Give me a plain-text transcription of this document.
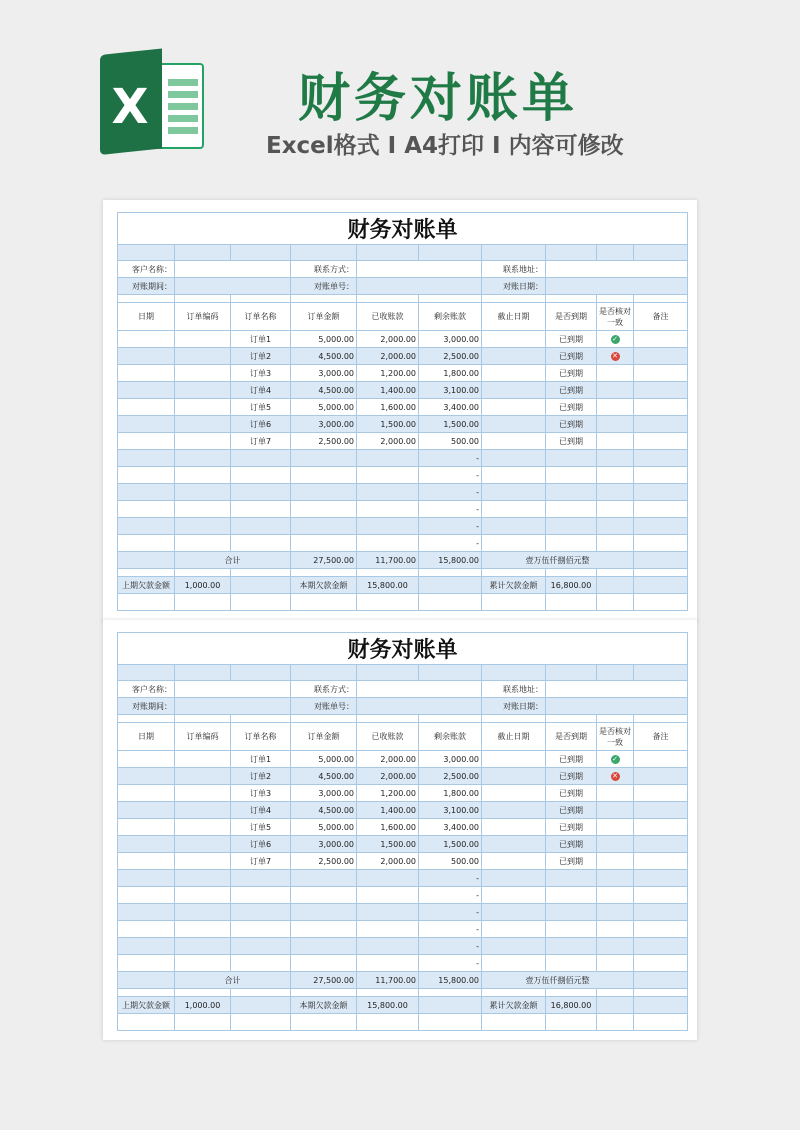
X	财务对账单
Excel格式 I A4打印 I 内容可修改
财务对账单									

客户名称：			联系方式：			联系地址：			
对账期间：			对账单号：			对账日期：			

日期	订单编码	订单名称	订单金额	已收账款	剩余账款	截止日期	是否到期	是否核对一致	备注
		订单1	5,000.00	2,000.00	3,000.00		已到期	✓	
		订单2	4,500.00	2,000.00	2,500.00		已到期	✕	
		订单3	3,000.00	1,200.00	1,800.00		已到期		
		订单4	4,500.00	1,400.00	3,100.00		已到期		
		订单5	5,000.00	1,600.00	3,400.00		已到期		
		订单6	3,000.00	1,500.00	1,500.00		已到期		
		订单7	2,500.00	2,000.00	500.00		已到期		
					-				
					-				
					-				
					-				
					-				
					-				
	合计		27,500.00	11,700.00	15,800.00	壹万伍仟捌佰元整			

上期欠款金额	1,000.00		本期欠款金额	15,800.00		累计欠款金额	16,800.00		

财务对账单									

客户名称：			联系方式：			联系地址：			
对账期间：			对账单号：			对账日期：			

日期	订单编码	订单名称	订单金额	已收账款	剩余账款	截止日期	是否到期	是否核对一致	备注
		订单1	5,000.00	2,000.00	3,000.00		已到期	✓	
		订单2	4,500.00	2,000.00	2,500.00		已到期	✕	
		订单3	3,000.00	1,200.00	1,800.00		已到期		
		订单4	4,500.00	1,400.00	3,100.00		已到期		
		订单5	5,000.00	1,600.00	3,400.00		已到期		
		订单6	3,000.00	1,500.00	1,500.00		已到期		
		订单7	2,500.00	2,000.00	500.00		已到期		
					-				
					-				
					-				
					-				
					-				
					-				
	合计		27,500.00	11,700.00	15,800.00	壹万伍仟捌佰元整			

上期欠款金额	1,000.00		本期欠款金额	15,800.00		累计欠款金额	16,800.00		
